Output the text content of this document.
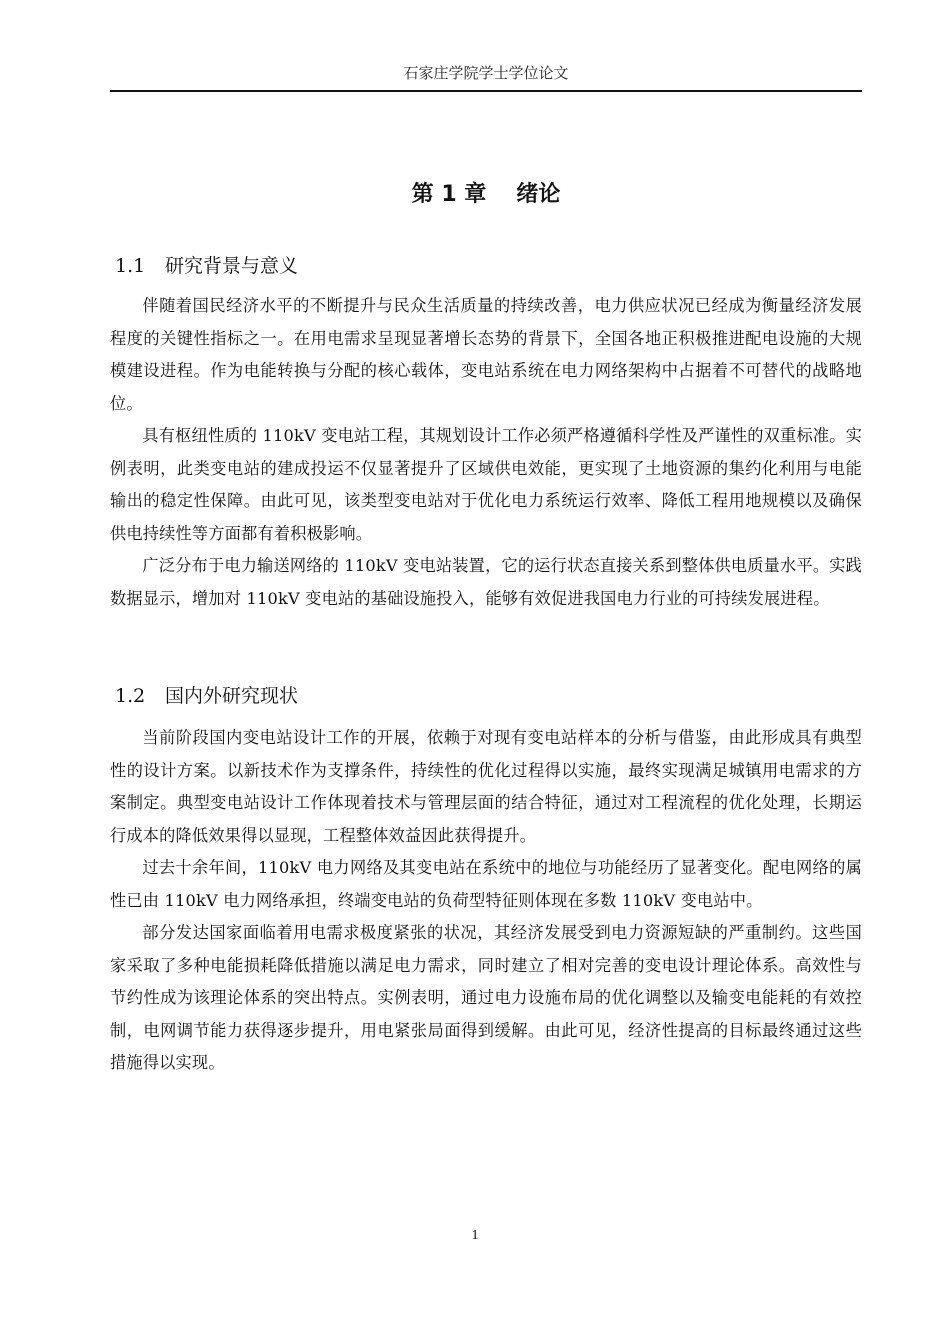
石家庄学院学士学位论文
第 1 章 绪论
1.1 研究背景与意义

伴随着国民经济水平的不断提升与民众生活质量的持续改善，电力供应状况已经成为衡量经济发展程度的关键性指标之一。在用电需求呈现显著增长态势的背景下，全国各地正积极推进配电设施的大规模建设进程。作为电能转换与分配的核心载体，变电站系统在电力网络架构中占据着不可替代的战略地位。

具有枢纽性质的 110kV 变电站工程，其规划设计工作必须严格遵循科学性及严谨性的双重标准。实例表明，此类变电站的建成投运不仅显著提升了区域供电效能，更实现了土地资源的集约化利用与电能输出的稳定性保障。由此可见，该类型变电站对于优化电力系统运行效率、降低工程用地规模以及确保供电持续性等方面都有着积极影响。

广泛分布于电力输送网络的 110kV 变电站装置，它的运行状态直接关系到整体供电质量水平。实践数据显示，增加对 110kV 变电站的基础设施投入，能够有效促进我国电力行业的可持续发展进程。

1.2 国内外研究现状

当前阶段国内变电站设计工作的开展，依赖于对现有变电站样本的分析与借鉴，由此形成具有典型性的设计方案。以新技术作为支撑条件，持续性的优化过程得以实施，最终实现满足城镇用电需求的方案制定。典型变电站设计工作体现着技术与管理层面的结合特征，通过对工程流程的优化处理，长期运行成本的降低效果得以显现，工程整体效益因此获得提升。

过去十余年间，110kV 电力网络及其变电站在系统中的地位与功能经历了显著变化。配电网络的属性已由 110kV 电力网络承担，终端变电站的负荷型特征则体现在多数 110kV 变电站中。

部分发达国家面临着用电需求极度紧张的状况，其经济发展受到电力资源短缺的严重制约。这些国家采取了多种电能损耗降低措施以满足电力需求，同时建立了相对完善的变电设计理论体系。高效性与节约性成为该理论体系的突出特点。实例表明，通过电力设施布局的优化调整以及输变电能耗的有效控制，电网调节能力获得逐步提升，用电紧张局面得到缓解。由此可见，经济性提高的目标最终通过这些措施得以实现。

1
